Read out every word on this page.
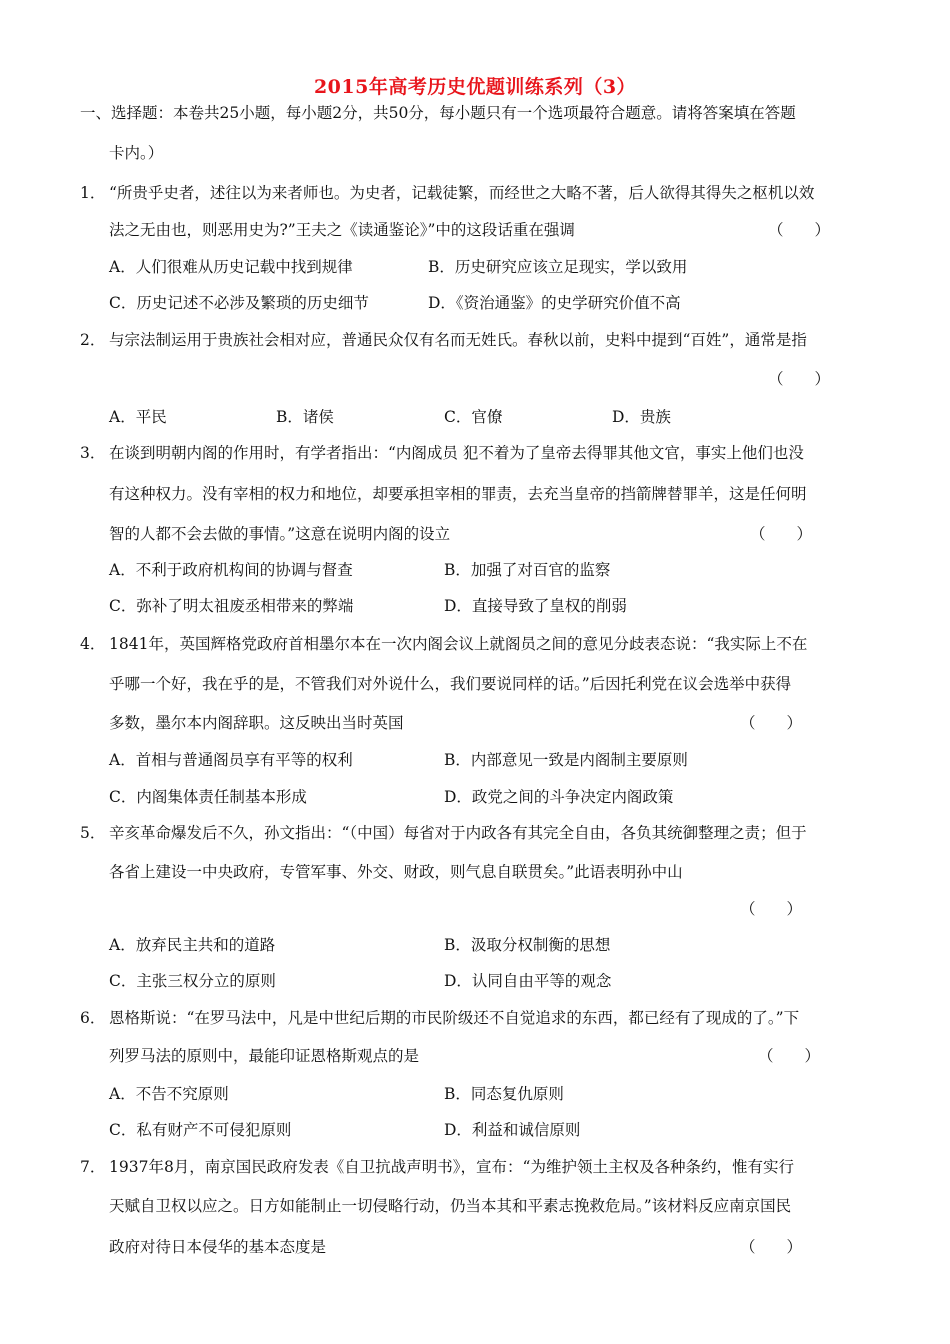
2015年高考历史优题训练系列（3）
一、选择题：本卷共25小题，每小题2分，共50分，每小题只有一个选项最符合题意。请将答案填在答题
卡内。）
1． “所贵乎史者，述往以为来者师也。为史者，记载徒繁，而经世之大略不著，后人欲得其得失之枢机以效
法之无由也，则恶用史为?”王夫之《读通鉴论》”中的这段话重在强调	（　　）
A．人们很难从历史记载中找到规律	B．历史研究应该立足现实，学以致用
C．历史记述不必涉及繁琐的历史细节	D．《资治通鉴》的史学研究价值不高
2． 与宗法制运用于贵族社会相对应，普通民众仅有名而无姓氏。春秋以前，史料中提到“百姓”，通常是指
（　　）
A．平民	B．诸侯	C．官僚	D．贵族
3． 在谈到明朝内阁的作用时，有学者指出：“内阁成员 犯不着为了皇帝去得罪其他文官，事实上他们也没
有这种权力。没有宰相的权力和地位，却要承担宰相的罪责，去充当皇帝的挡箭牌替罪羊，这是任何明
智的人都不会去做的事情。”这意在说明内阁的设立	（　　）
A．不利于政府机构间的协调与督查	B．加强了对百官的监察
C．弥补了明太祖废丞相带来的弊端	D．直接导致了皇权的削弱
4． 1841年，英国辉格党政府首相墨尔本在一次内阁会议上就阁员之间的意见分歧表态说：“我实际上不在
乎哪一个好，我在乎的是，不管我们对外说什么，我们要说同样的话。”后因托利党在议会选举中获得
多数，墨尔本内阁辞职。这反映出当时英国	（　　）
A．首相与普通阁员享有平等的权利	B．内部意见一致是内阁制主要原则
C．内阁集体责任制基本形成	D．政党之间的斗争决定内阁政策
5． 辛亥革命爆发后不久，孙文指出：“（中国）每省对于内政各有其完全自由，各负其统御整理之责；但于
各省上建设一中央政府，专管军事、外交、财政，则气息自联贯矣。”此语表明孙中山
（　　）
A．放弃民主共和的道路	B．汲取分权制衡的思想
C．主张三权分立的原则	D．认同自由平等的观念
6． 恩格斯说：“在罗马法中，凡是中世纪后期的市民阶级还不自觉追求的东西，都已经有了现成的了。”下
列罗马法的原则中，最能印证恩格斯观点的是	（　　）
A．不告不究原则	B．同态复仇原则
C．私有财产不可侵犯原则	D．利益和诚信原则
7． 1937年8月，南京国民政府发表《自卫抗战声明书》，宣布：“为维护领土主权及各种条约，惟有实行
天赋自卫权以应之。日方如能制止一切侵略行动，仍当本其和平素志挽救危局。”该材料反应南京国民
政府对待日本侵华的基本态度是	（　　）
